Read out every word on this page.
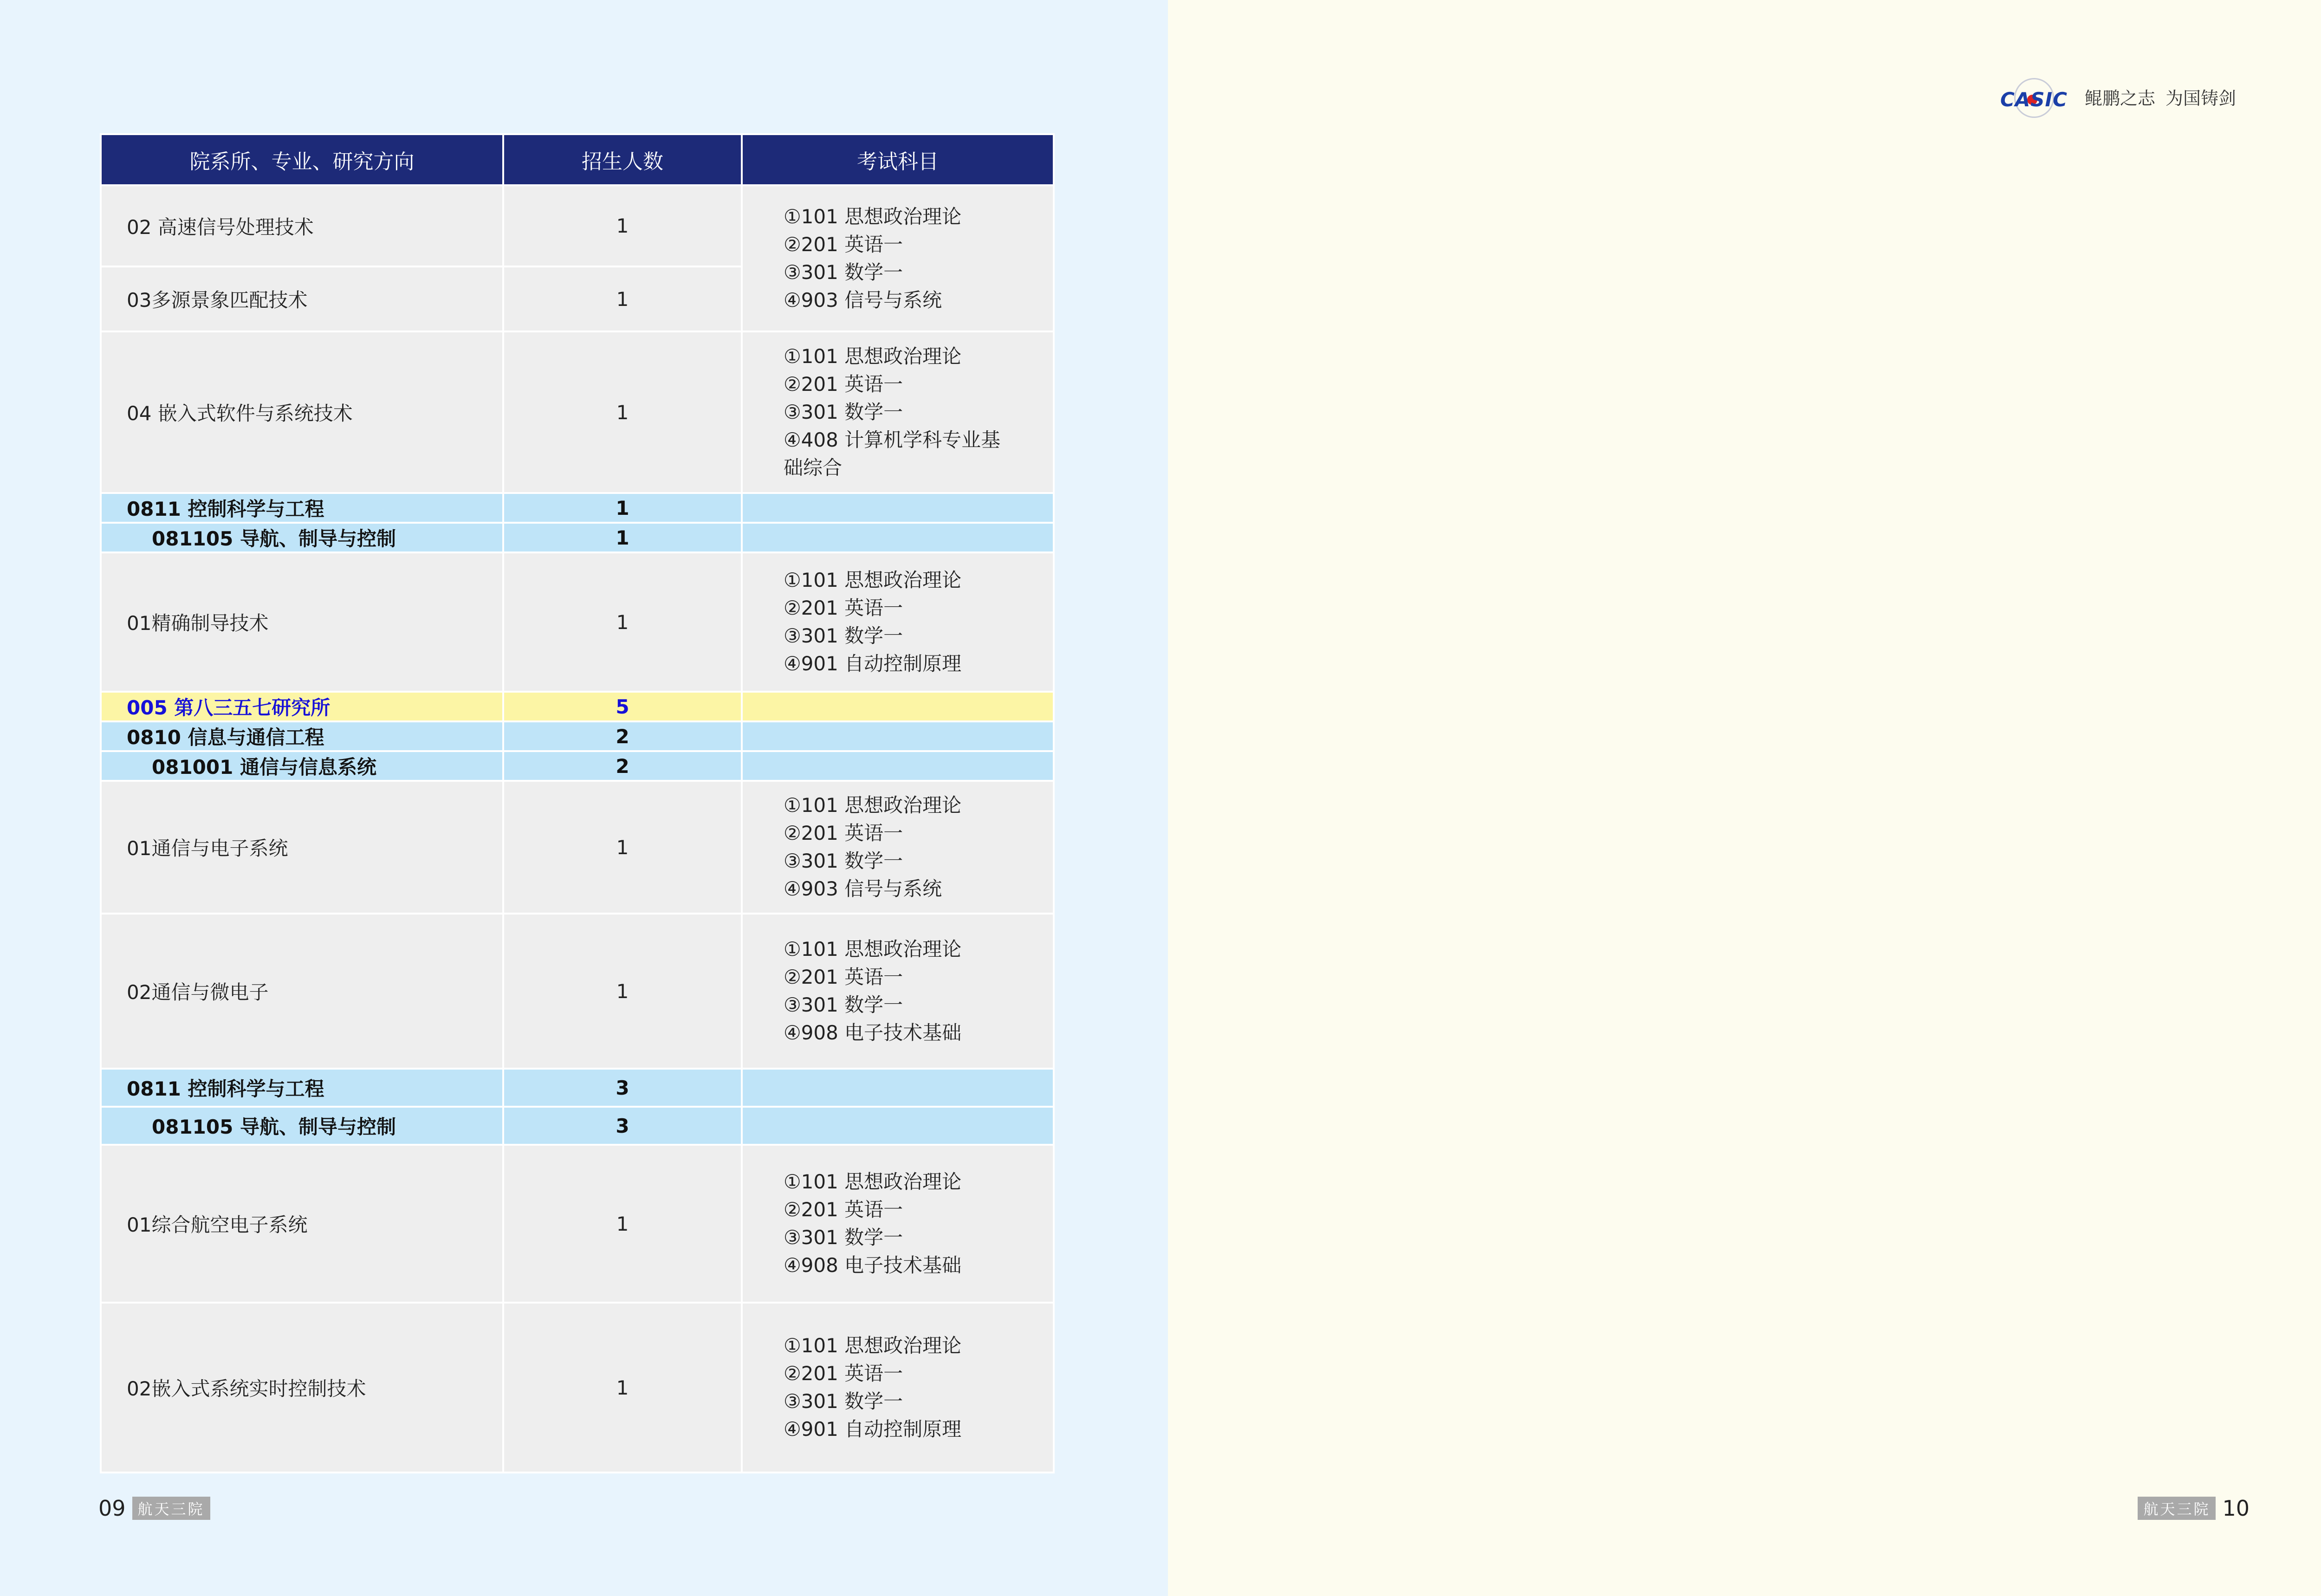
院系所、专业、研究方向	招生人数	考试科目
02 高速信号处理技术	1	①101 思想政治理论
②201 英语一
③301 数学一
④903 信号与系统

03多源景象匹配技术	1	
04 嵌入式软件与系统技术	1	①101 思想政治理论
②201 英语一
③301 数学一
④408 计算机学科专业基
础综合

0811 控制科学与工程	1	
081105 导航、制导与控制	1	
01精确制导技术	1	①101 思想政治理论
②201 英语一
③301 数学一
④901 自动控制原理

005 第八三五七研究所	5	
0810 信息与通信工程	2	
081001 通信与信息系统	2	
01通信与电子系统	1	①101 思想政治理论
②201 英语一
③301 数学一
④903 信号与系统

02通信与微电子	1	①101 思想政治理论
②201 英语一
③301 数学一
④908 电子技术基础

0811 控制科学与工程	3	
081105 导航、制导与控制	3	
01综合航空电子系统	1	①101 思想政治理论
②201 英语一
③301 数学一
④908 电子技术基础

02嵌入式系统实时控制技术	1	①101 思想政治理论
②201 英语一
③301 数学一
④901 自动控制原理
09 航天三院
CASIC 鲲鹏之志 为国铸剑

航天三院 10
